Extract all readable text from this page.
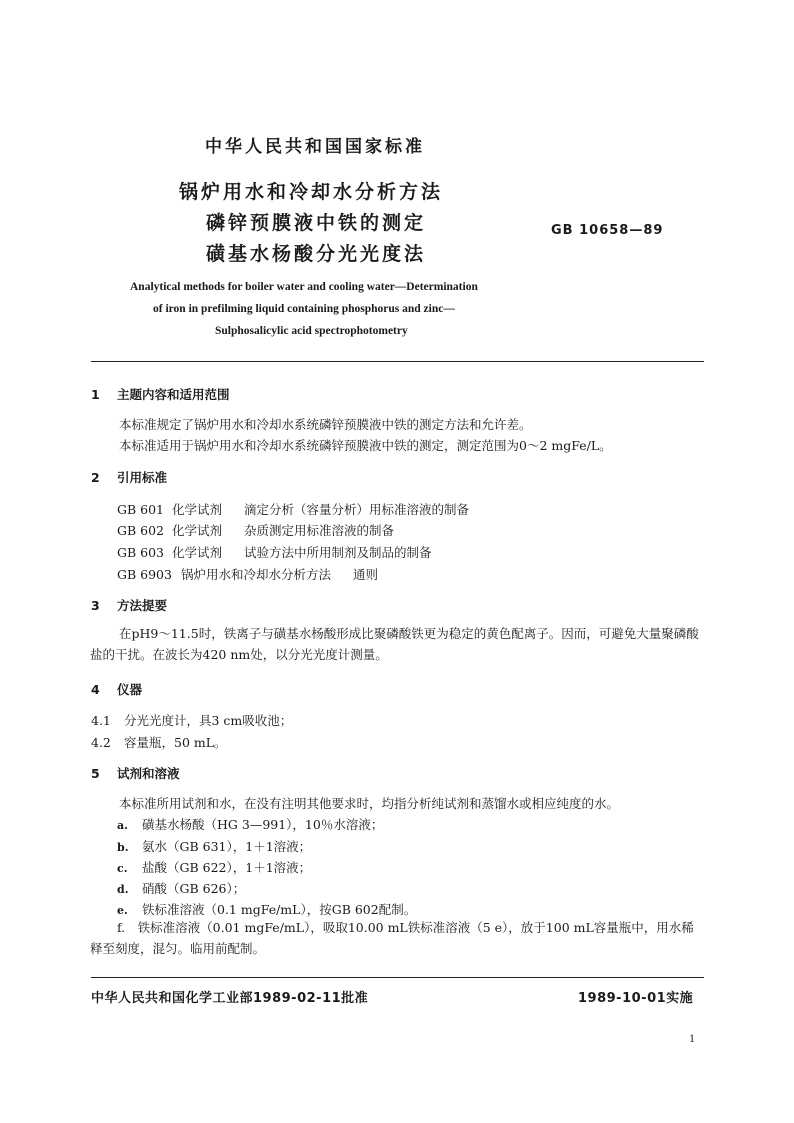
中华人民共和国国家标准
锅炉用水和冷却水分析方法
磷锌预膜液中铁的测定
磺基水杨酸分光光度法
GB 10658—89
Analytical methods for boiler water and cooling water—Determination
of iron in prefilming liquid containing phosphorus and zinc—
Sulphosalicylic acid spectrophotometry
1 主题内容和适用范围
本标准规定了锅炉用水和冷却水系统磷锌预膜液中铁的测定方法和允许差。
本标准适用于锅炉用水和冷却水系统磷锌预膜液中铁的测定，测定范围为0～2 mgFe/L。
2 引用标准
GB 601 化学试剂 滴定分析（容量分析）用标准溶液的制备
GB 602 化学试剂 杂质测定用标准溶液的制备
GB 603 化学试剂 试验方法中所用制剂及制品的制备
GB 6903 锅炉用水和冷却水分析方法 通则
3 方法提要
在pH9～11.5时，铁离子与磺基水杨酸形成比聚磷酸铁更为稳定的黄色配离子。因而，可避免大量聚磷酸盐的干扰。在波长为420 nm处，以分光光度计测量。
4 仪器
4.1 分光光度计，具3 cm吸收池；
4.2 容量瓶，50 mL。
5 试剂和溶液
本标准所用试剂和水，在没有注明其他要求时，均指分析纯试剂和蒸馏水或相应纯度的水。
a. 磺基水杨酸（HG 3—991），10％水溶液；
b. 氨水（GB 631），1＋1溶液；
c. 盐酸（GB 622），1＋1溶液；
d. 硝酸（GB 626）；
e. 铁标准溶液（0.1 mgFe/mL），按GB 602配制。
f.　铁标准溶液（0.01 mgFe/mL），吸取10.00 mL铁标准溶液（5 e），放于100 mL容量瓶中，用水稀释至刻度，混匀。临用前配制。
中华人民共和国化学工业部1989-02-11批准	1989-10-01实施
1
